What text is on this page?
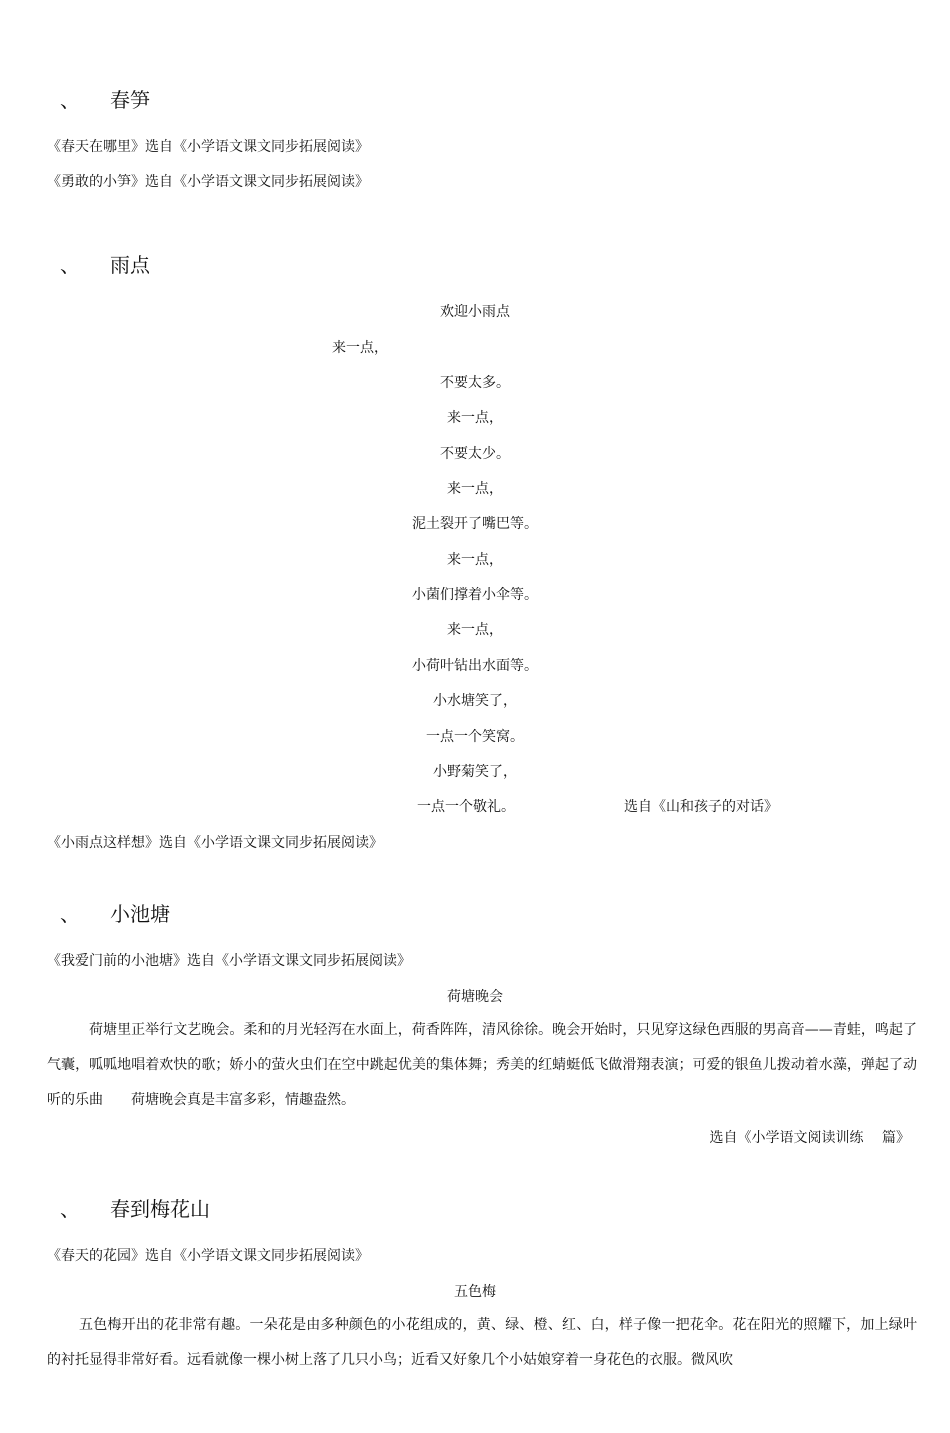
、 春笋
《春天在哪里》选自《小学语文课文同步拓展阅读》
《勇敢的小笋》选自《小学语文课文同步拓展阅读》
、 雨点
欢迎小雨点
来一点，
不要太多。
来一点，
不要太少。
来一点，
泥土裂开了嘴巴等。
来一点，
小菌们撑着小伞等。
来一点，
小荷叶钻出水面等。
小水塘笑了，
一点一个笑窝。
小野菊笑了，
一点一个敬礼。	选自《山和孩子的对话》
《小雨点这样想》选自《小学语文课文同步拓展阅读》
、 小池塘
《我爱门前的小池塘》选自《小学语文课文同步拓展阅读》
荷塘晚会
荷塘里正举行文艺晚会。柔和的月光轻泻在水面上，荷香阵阵，清风徐徐。晚会开始时，只见穿这绿色西服的男高音——青蛙，鸣起了气囊，呱呱地唱着欢快的歌；娇小的萤火虫们在空中跳起优美的集体舞；秀美的红蜻蜓低飞做滑翔表演；可爱的银鱼儿拨动着水藻，弹起了动听的乐曲　　荷塘晚会真是丰富多彩，情趣盎然。
选自《小学语文阅读训练　 篇》
、 春到梅花山
《春天的花园》选自《小学语文课文同步拓展阅读》
五色梅
五色梅开出的花非常有趣。一朵花是由多种颜色的小花组成的，黄、绿、橙、红、白，样子像一把花伞。花在阳光的照耀下，加上绿叶的衬托显得非常好看。远看就像一棵小树上落了几只小鸟；近看又好象几个小姑娘穿着一身花色的衣服。微风吹
